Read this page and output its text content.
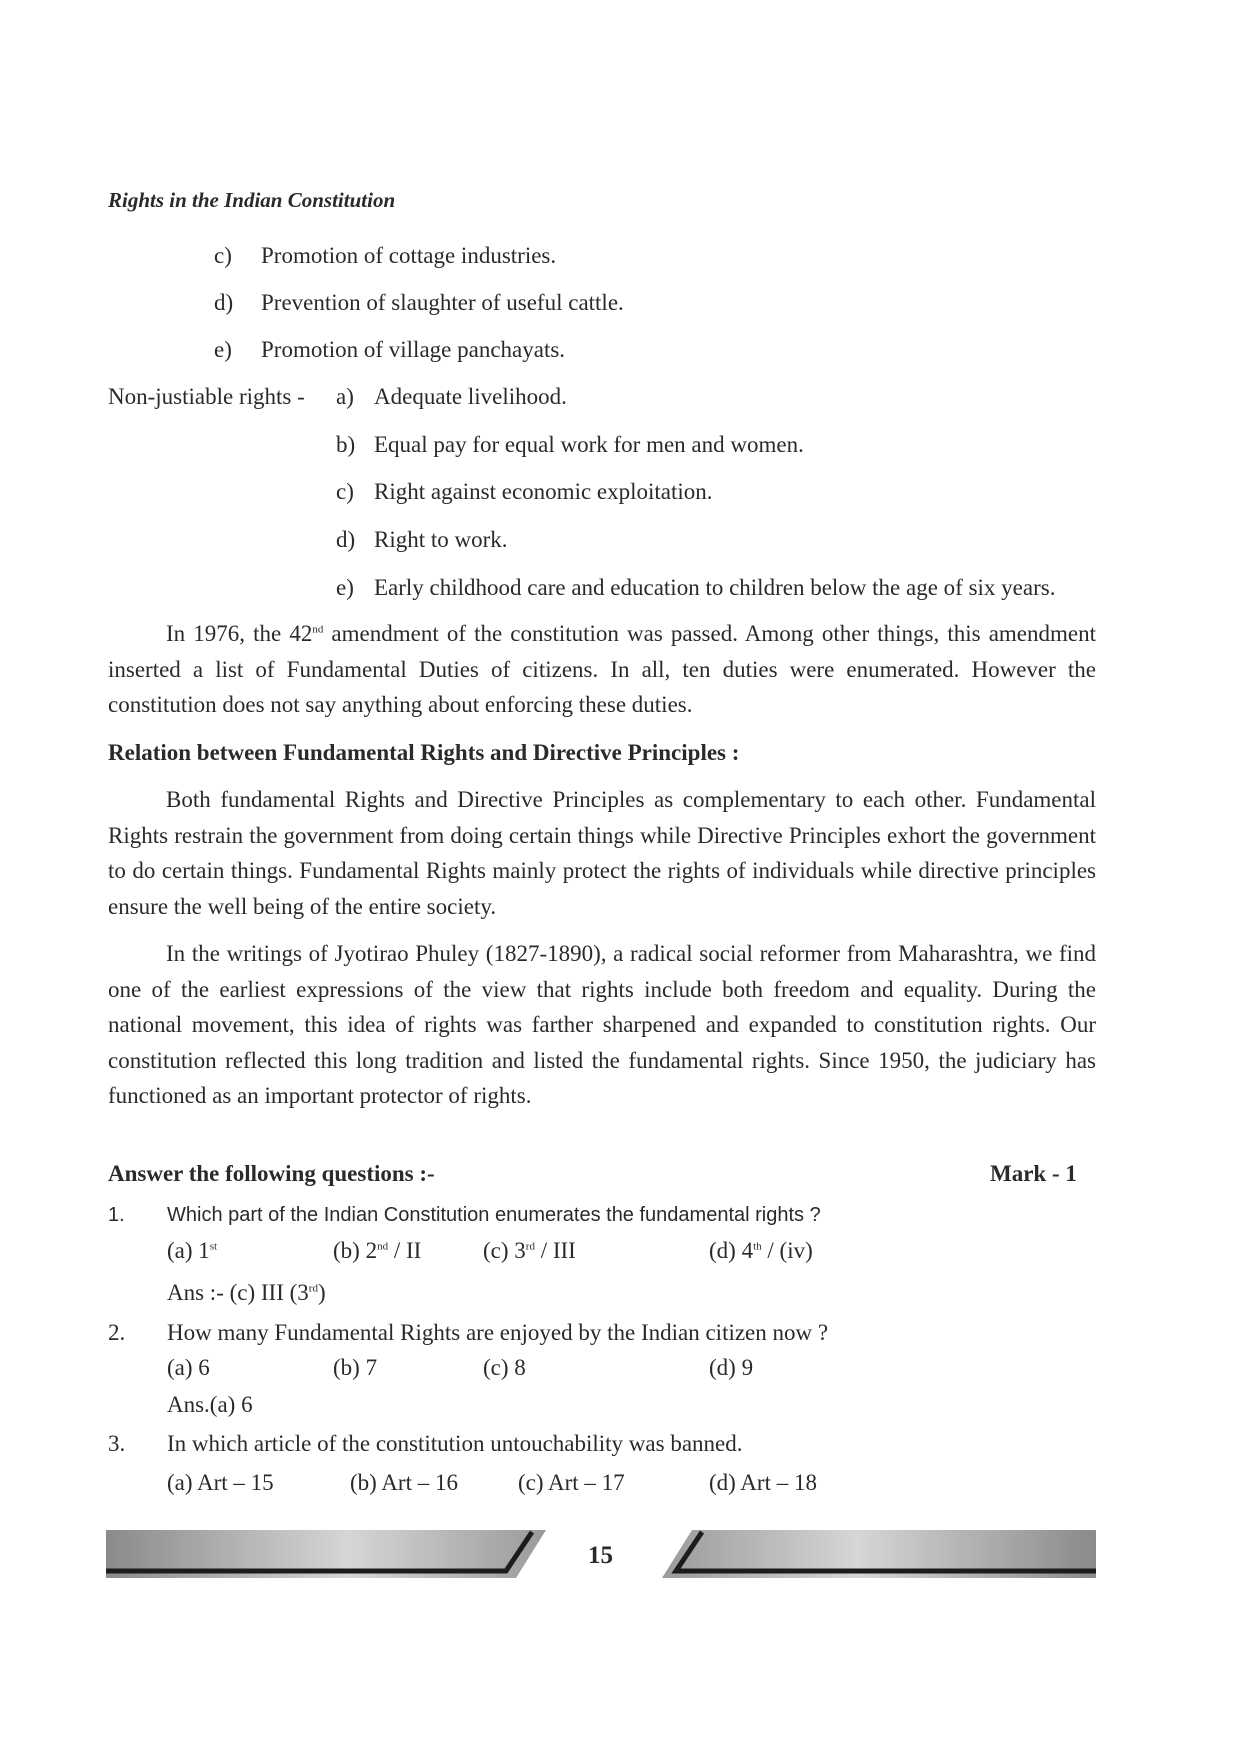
Rights in the Indian Constitution
c)	Promotion of cottage industries.
d)	Prevention of slaughter of useful cattle.
e)	Promotion of village panchayats.
Non-justiable rights - a) Adequate livelihood.
b) Equal pay for equal work for men and women.
c) Right against economic exploitation.
d) Right to work.
e) Early childhood care and education to children below the age of six years.
In 1976, the 42nd amendment of the constitution was passed. Among other things, this amendment inserted a list of Fundamental Duties of citizens. In all, ten duties were enumerated. However the constitution does not say anything about enforcing these duties.
Relation between Fundamental Rights and Directive Principles :
Both fundamental Rights and Directive Principles as complementary to each other. Fundamental Rights restrain the government from doing certain things while Directive Principles exhort the government to do certain things. Fundamental Rights mainly protect the rights of individuals while directive principles ensure the well being of the entire society.
In the writings of Jyotirao Phuley (1827-1890), a radical social reformer from Maharashtra, we find one of the earliest expressions of the view that rights include both freedom and equality. During the national movement, this idea of rights was farther sharpened and expanded to constitution rights. Our constitution reflected this long tradition and listed the fundamental rights. Since 1950, the judiciary has functioned as an important protector of rights.
Answer the following questions :-	Mark - 1
1. Which part of the Indian Constitution enumerates the fundamental rights ?
(a) 1st	(b) 2nd / II	(c) 3rd / III	(d) 4th / (iv)
Ans :- (c) III (3rd)
2. How many Fundamental Rights are enjoyed by the Indian citizen now ?
(a) 6	(b) 7	(c) 8	(d) 9
Ans.(a) 6
3. In which article of the constitution untouchability was banned.
(a) Art – 15	(b) Art – 16	(c) Art – 17	(d) Art – 18
15
